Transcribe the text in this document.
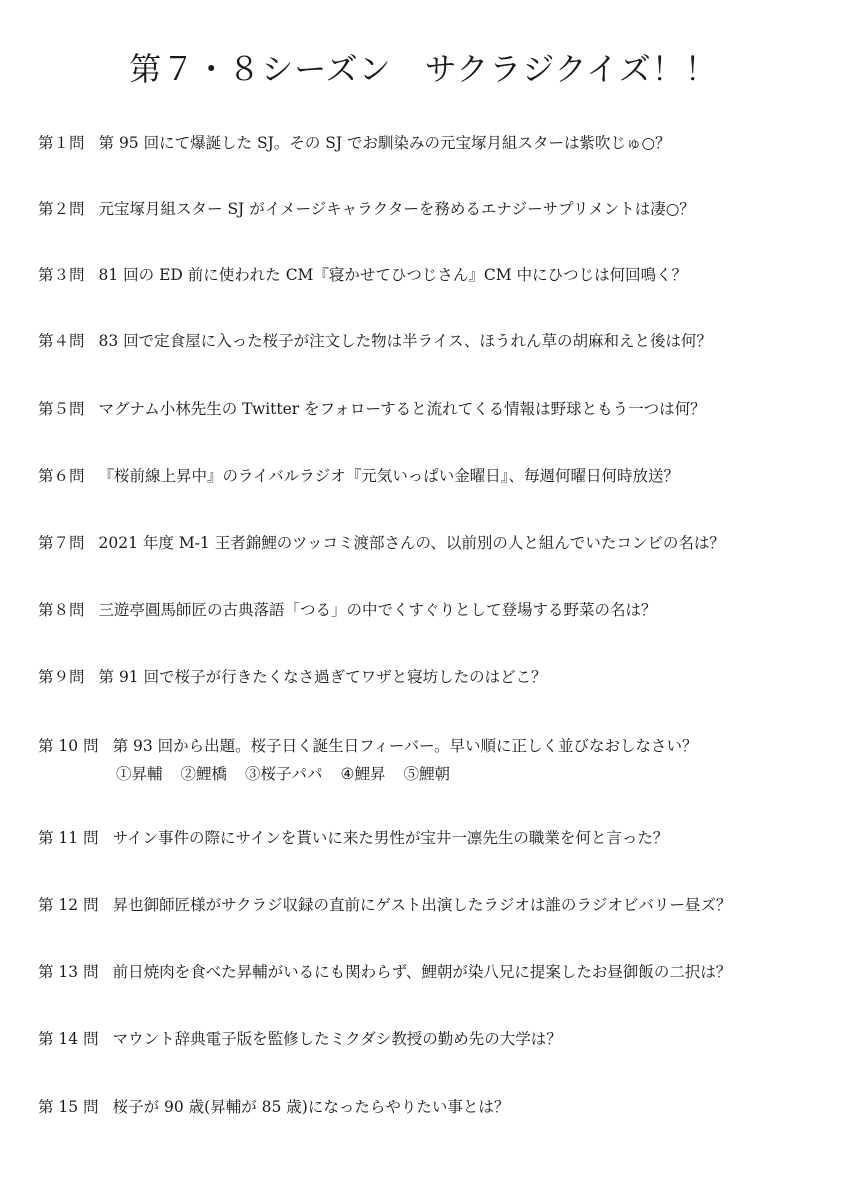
第７・８シーズン　サクラジクイズ！！
第１問 第 95 回にて爆誕した SJ。その SJ でお馴染みの元宝塚月組スターは紫吹じゅ○？
第２問 元宝塚月組スター SJ がイメージキャラクターを務めるエナジーサプリメントは凄○？
第３問 81 回の ED 前に使われた CM『寝かせてひつじさん』CM 中にひつじは何回鳴く？
第４問 83 回で定食屋に入った桜子が注文した物は半ライス、ほうれん草の胡麻和えと後は何？
第５問 マグナム小林先生の Twitter をフォローすると流れてくる情報は野球ともう一つは何？
第６問 『桜前線上昇中』のライバルラジオ『元気いっぱい金曜日』、毎週何曜日何時放送？
第７問 2021 年度 M-1 王者錦鯉のツッコミ渡部さんの、以前別の人と組んでいたコンビの名は？
第８問 三遊亭圓馬師匠の古典落語「つる」の中でくすぐりとして登場する野菜の名は？
第９問 第 91 回で桜子が行きたくなさ過ぎてワザと寝坊したのはどこ？
第 10 問 第 93 回から出題。桜子日く誕生日フィーバー。早い順に正しく並びなおしなさい？
①昇輔 ②鯉橋 ③桜子パパ ④鯉昇 ⑤鯉朝
第 11 問 サイン事件の際にサインを貰いに来た男性が宝井一凛先生の職業を何と言った？
第 12 問 昇也御師匠様がサクラジ収録の直前にゲスト出演したラジオは誰のラジオビバリー昼ズ？
第 13 問 前日焼肉を食べた昇輔がいるにも関わらず、鯉朝が染八兄に提案したお昼御飯の二択は？
第 14 問 マウント辞典電子版を監修したミクダシ教授の勤め先の大学は？
第 15 問 桜子が 90 歳(昇輔が 85 歳)になったらやりたい事とは？
